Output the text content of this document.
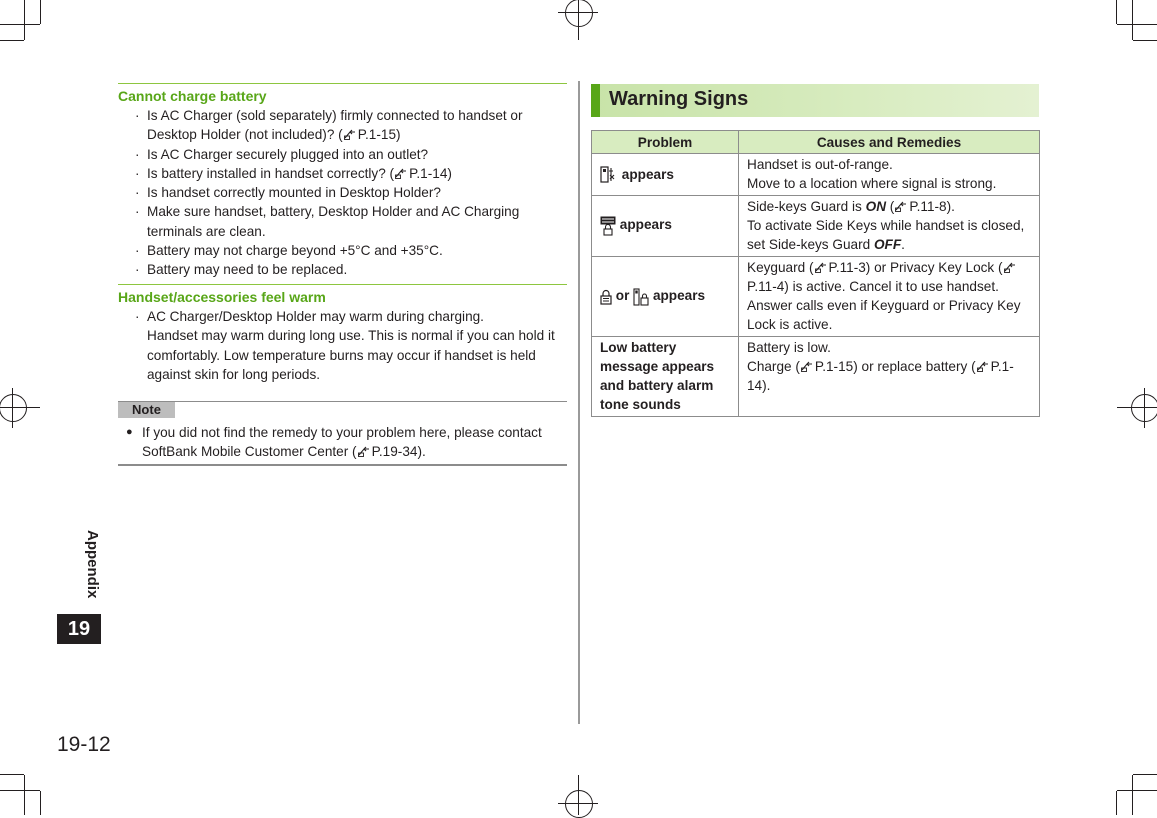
Cannot charge battery
· Is AC Charger (sold separately) firmly connected to handset or Desktop Holder (not included)? ( P.1-15)
· Is AC Charger securely plugged into an outlet?
· Is battery installed in handset correctly? ( P.1-14)
· Is handset correctly mounted in Desktop Holder?
· Make sure handset, battery, Desktop Holder and AC Charging terminals are clean.
· Battery may not charge beyond +5°C and +35°C.
· Battery may need to be replaced.
Handset/accessories feel warm
· AC Charger/Desktop Holder may warm during charging.
Handset may warm during long use. This is normal if you can hold it comfortably. Low temperature burns may occur if handset is held against skin for long periods.
Note
● If you did not find the remedy to your problem here, please contact SoftBank Mobile Customer Center ( P.19-34).
Appendix
19
19-12
Warning Signs
Problem	Causes and Remedies
appears	Handset is out-of-range.
Move to a location where signal is strong.

appears	Side-keys Guard is ON ( P.11-8).
To activate Side Keys while handset is closed, set Side-keys Guard OFF.

or appears	Keyguard ( P.11-3) or Privacy Key Lock (P.11-4) is active. Cancel it to use handset.
Answer calls even if Keyguard or Privacy Key Lock is active.

Low battery message appears and battery alarm tone sounds	Battery is low.
Charge ( P.1-15) or replace battery ( P.1-14).
